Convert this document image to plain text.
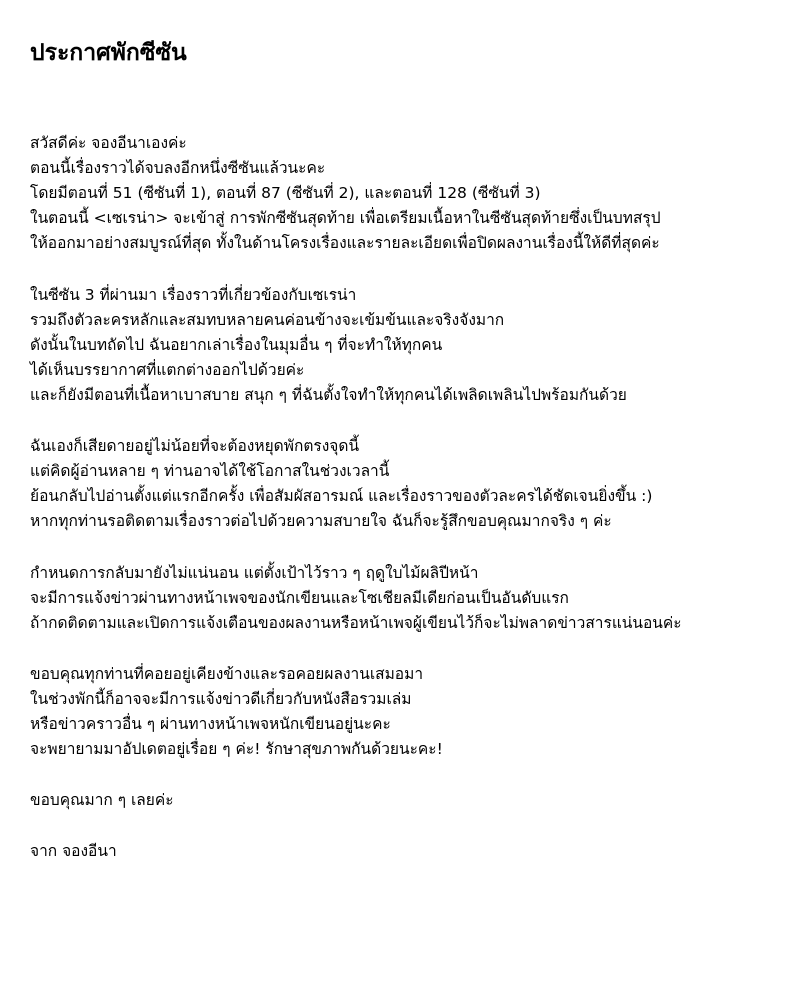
ประกาศพักซีซัน
สวัสดีค่ะ จองอีนาเองค่ะ
ตอนนี้เรื่องราวได้จบลงอีกหนึ่งซีซันแล้วนะคะ
โดยมีตอนที่ 51 (ซีซันที่ 1), ตอนที่ 87 (ซีซันที่ 2), และตอนที่ 128 (ซีซันที่ 3)
ในตอนนี้ <เซเรน่า> จะเข้าสู่ การพักซีซันสุดท้าย เพื่อเตรียมเนื้อหาในซีซันสุดท้ายซึ่งเป็นบทสรุป
ให้ออกมาอย่างสมบูรณ์ที่สุด ทั้งในด้านโครงเรื่องและรายละเอียดเพื่อปิดผลงานเรื่องนี้ให้ดีที่สุดค่ะ
ในซีซัน 3 ที่ผ่านมา เรื่องราวที่เกี่ยวข้องกับเซเรน่า
รวมถึงตัวละครหลักและสมทบหลายคนค่อนข้างจะเข้มข้นและจริงจังมาก
ดังนั้นในบทถัดไป ฉันอยากเล่าเรื่องในมุมอื่น ๆ ที่จะทำให้ทุกคน
ได้เห็นบรรยากาศที่แตกต่างออกไปด้วยค่ะ
และก็ยังมีตอนที่เนื้อหาเบาสบาย สนุก ๆ ที่ฉันตั้งใจทำให้ทุกคนได้เพลิดเพลินไปพร้อมกันด้วย
ฉันเองก็เสียดายอยู่ไม่น้อยที่จะต้องหยุดพักตรงจุดนี้
แต่คิดผู้อ่านหลาย ๆ ท่านอาจได้ใช้โอกาสในช่วงเวลานี้
ย้อนกลับไปอ่านตั้งแต่แรกอีกครั้ง เพื่อสัมผัสอารมณ์ และเรื่องราวของตัวละครได้ชัดเจนยิ่งขึ้น :)
หากทุกท่านรอติดตามเรื่องราวต่อไปด้วยความสบายใจ ฉันก็จะรู้สึกขอบคุณมากจริง ๆ ค่ะ
กำหนดการกลับมายังไม่แน่นอน แต่ตั้งเป้าไว้ราว ๆ ฤดูใบไม้ผลิปีหน้า
จะมีการแจ้งข่าวผ่านทางหน้าเพจของนักเขียนและโซเชียลมีเดียก่อนเป็นอันดับแรก
ถ้ากดติดตามและเปิดการแจ้งเตือนของผลงานหรือหน้าเพจผู้เขียนไว้ก็จะไม่พลาดข่าวสารแน่นอนค่ะ
ขอบคุณทุกท่านที่คอยอยู่เคียงข้างและรอคอยผลงานเสมอมา
ในช่วงพักนี้ก็อาจจะมีการแจ้งข่าวดีเกี่ยวกับหนังสือรวมเล่ม
หรือข่าวคราวอื่น ๆ ผ่านทางหน้าเพจหนักเขียนอยู่นะคะ
จะพยายามมาอัปเดตอยู่เรื่อย ๆ ค่ะ! รักษาสุขภาพกันด้วยนะคะ!
ขอบคุณมาก ๆ เลยค่ะ
จาก จองอีนา
